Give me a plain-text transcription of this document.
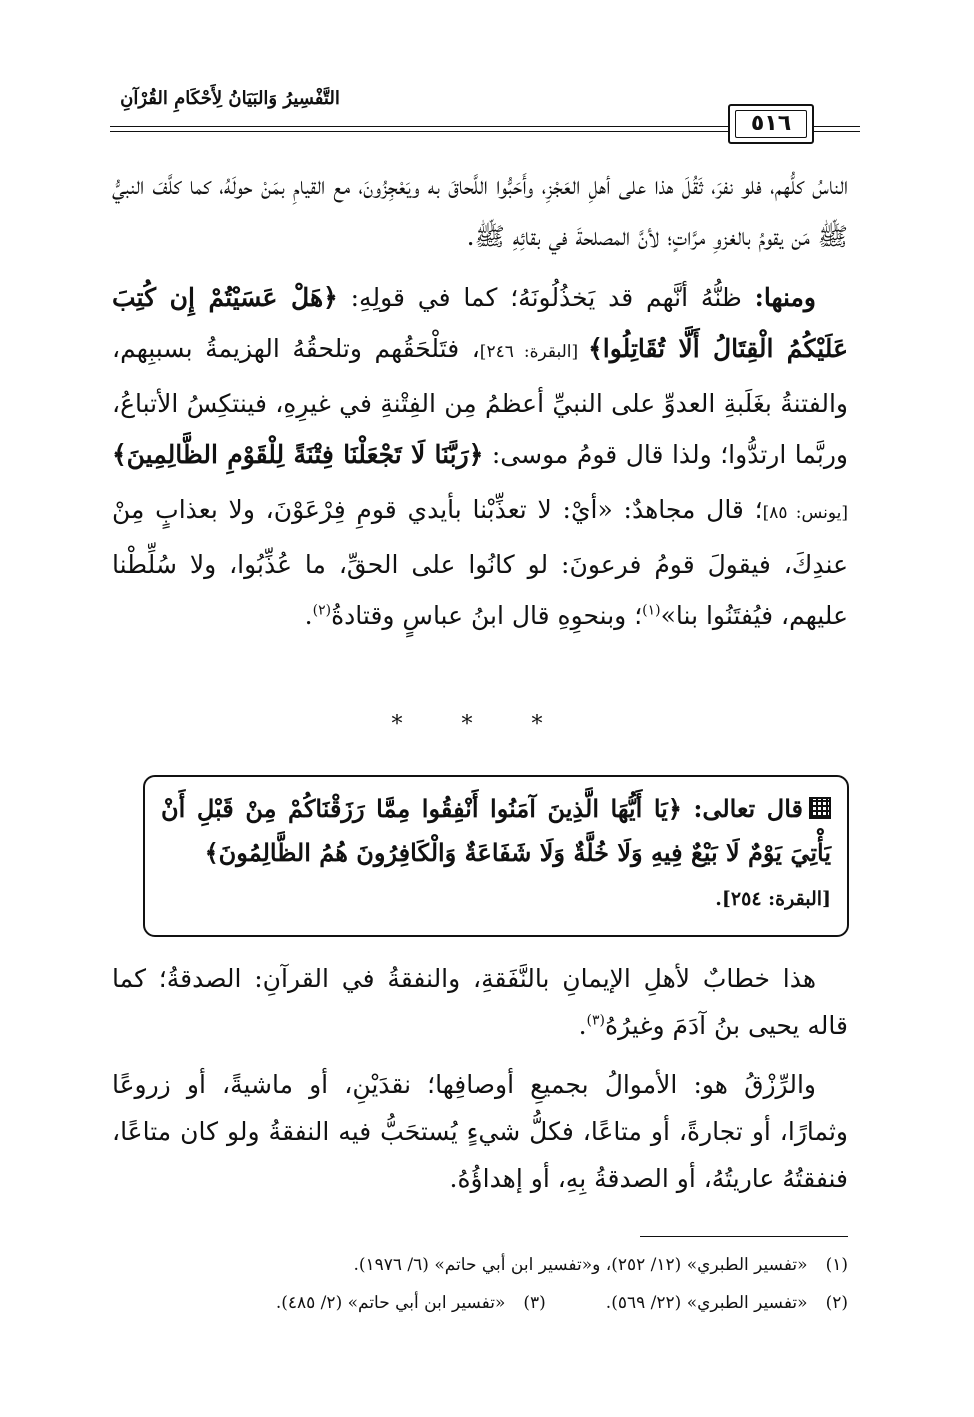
التَّفْسِيرُ وَالبَيَانُ لِأَحْكَامِ القُرْآنِ
٥١٦

الناسُ كلُّهم، فلو نفرَ، ثَقُلَ هذا على أهلِ العَجْزِ، وأَحَبُّوا اللَّحاقَ به ويَعْجِزُونَ، مع القيامِ بمَنْ حولَهُ، كما كلَّفَ النبيُّ ﷺ مَن يقومُ بالغزوِ مرَّاتٍ؛ لأنَّ المصلحةَ في بقائِهِ ﷺ.

ومنها: ظنُّهُ أنَّهم قد يَخذُلُونَهُ؛ كما في قولِهِ: ﴿هَلْ عَسَيْتُمْ إِن كُتِبَ عَلَيْكُمُ الْقِتَالُ أَلَّا تُقَاتِلُوا﴾ [البقرة: ٢٤٦]، فتَلْحَقُهم وتلحقُهُ الهزيمةُ بسببِهم، والفتنةُ بغَلَبةِ العدوِّ على النبيِّ أعظمُ مِن الفِتْنةِ في غيرِهِ، فينتكِسُ الأتباعُ، وربَّما ارتدُّوا؛ ولذا قال قومُ موسى: ﴿رَبَّنَا لَا تَجْعَلْنَا فِتْنَةً لِلْقَوْمِ الظَّالِمِينَ﴾ [يونس: ٨٥]؛ قال مجاهدٌ: «أيْ: لا تعذِّبْنا بأيدي قومِ فِرْعَوْنَ، ولا بعذابٍ مِنْ عندِكَ، فيقولَ قومُ فرعونَ: لو كانُوا على الحقِّ، ما عُذِّبُوا، ولا سُلِّطْنا عليهم، فيُفتَنُوا بنا»$^{(١)}$؛ وبنحوِهِ قال ابنُ عباسٍ وقتادةُ$^{(٢)}$.

* * *
قال تعالى: ﴿يَا أَيُّهَا الَّذِينَ آمَنُوا أَنْفِقُوا مِمَّا رَزَقْنَاكُمْ مِنْ قَبْلِ أَنْ يَأْتِيَ يَوْمٌ لَا بَيْعٌ فِيهِ وَلَا خُلَّةٌ وَلَا شَفَاعَةٌ وَالْكَافِرُونَ هُمُ الظَّالِمُونَ﴾
[البقرة: ٢٥٤].

هذا خطابٌ لأهلِ الإيمانِ بالنَّفَقةِ، والنفقةُ في القرآنِ: الصدقةُ؛ كما قاله يحيى بنُ آدَمَ وغيرُهُ$^{(٣)}$.

والرِّزْقُ هو: الأموالُ بجميعِ أوصافِها؛ نقدَيْنِ، أو ماشيةً، أو زروعًا وثمارًا، أو تجارةً، أو متاعًا، فكلُّ شيءٍ يُستحَبُّ فيه النفقةُ ولو كان متاعًا، فنفقتُهُ عاريتُهُ، أو الصدقةُ بِهِ، أو إهداؤُهُ.

(١)«تفسير الطبري» (١٢/ ٢٥٢)، و«تفسير ابن أبي حاتم» (٦/ ١٩٧٦).
(٢)«تفسير الطبري» (٢٢/ ٥٦٩).(٣)«تفسير ابن أبي حاتم» (٢/ ٤٨٥).
